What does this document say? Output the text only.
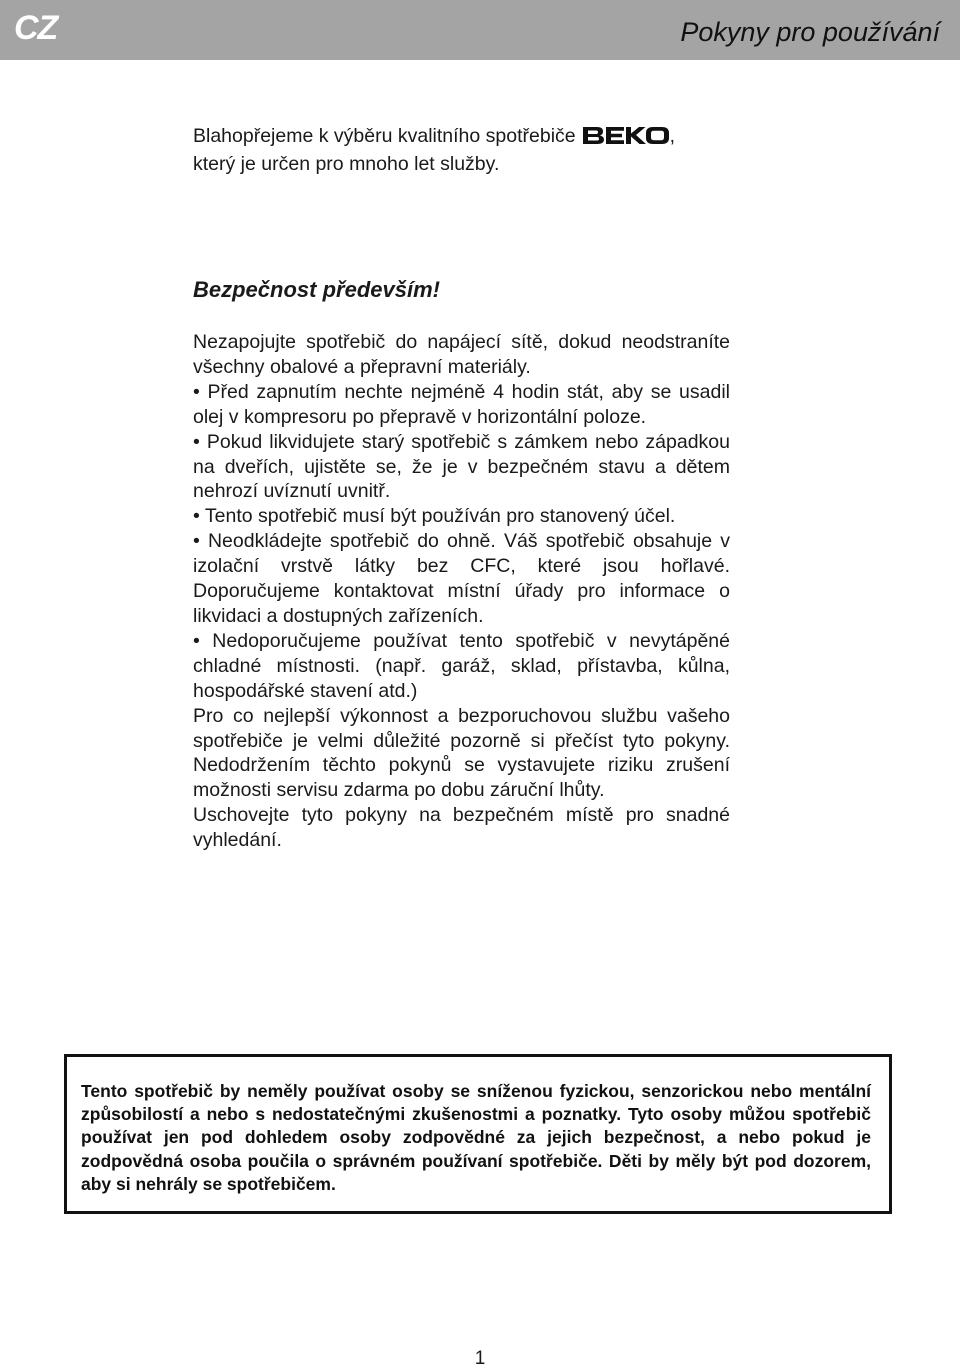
CZ	Pokyny pro používání
Blahopřejeme k výběru kvalitního spotřebiče	,
který je určen pro mnoho let služby.
Bezpečnost především!

Nezapojujte spotřebič do napájecí sítě, dokud neodstraníte všechny obalové a přepravní materiály.

• Před zapnutím nechte nejméně 4 hodin stát, aby se usadil olej v kompresoru po přepravě v horizontální poloze.

• Pokud likvidujete starý spotřebič s zámkem nebo západkou na dveřích, ujistěte se, že je v bezpečném stavu a dětem nehrozí uvíznutí uvnitř.

• Tento spotřebič musí být používán pro stanovený účel.

• Neodkládejte spotřebič do ohně. Váš spotřebič obsahuje v izolační vrstvě látky bez CFC, které jsou hořlavé. Doporučujeme kontaktovat místní úřady pro informace o likvidaci a dostupných zařízeních.

• Nedoporučujeme používat tento spotřebič v nevytápěné chladné místnosti. (např. garáž, sklad, přístavba, kůlna, hospodářské stavení atd.)

Pro co nejlepší výkonnost a bezporuchovou službu vašeho spotřebiče je velmi důležité pozorně si přečíst tyto pokyny. Nedodržením těchto pokynů se vystavujete riziku zrušení možnosti servisu zdarma po dobu záruční lhůty.

Uschovejte tyto pokyny na bezpečném místě pro snadné vyhledání.

Tento spotřebič by neměly používat osoby se sníženou fyzickou, senzorickou nebo mentální způsobilostí a nebo s nedostatečnými zkušenostmi a poznatky. Tyto osoby můžou spotřebič používat jen pod dohledem osoby zodpovědné za jejich bezpečnost, a nebo pokud je zodpovědná osoba poučila o správném používaní spotřebiče. Děti by měly být pod dozorem, aby si nehrály se spotřebičem.
1
